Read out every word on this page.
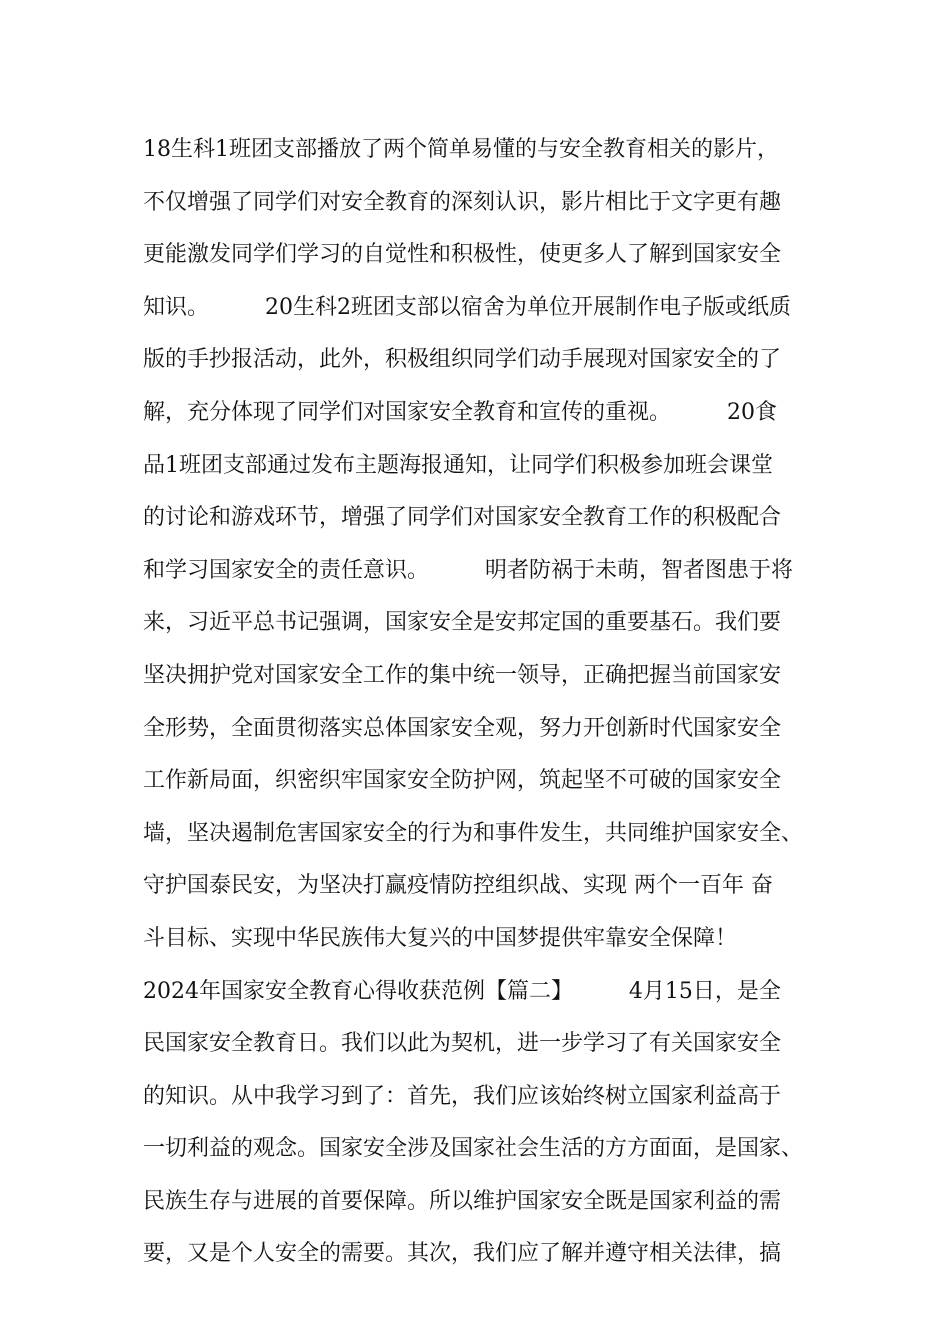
18生科1班团支部播放了两个简单易懂的与安全教育相关的影片，
不仅增强了同学们对安全教育的深刻认识，影片相比于文字更有趣
更能激发同学们学习的自觉性和积极性，使更多人了解到国家安全
知识。        20生科2班团支部以宿舍为单位开展制作电子版或纸质
版的手抄报活动，此外，积极组织同学们动手展现对国家安全的了
解，充分体现了同学们对国家安全教育和宣传的重视。        20食
品1班团支部通过发布主题海报通知，让同学们积极参加班会课堂
的讨论和游戏环节，增强了同学们对国家安全教育工作的积极配合
和学习国家安全的责任意识。        明者防祸于未萌，智者图患于将
来，习近平总书记强调，国家安全是安邦定国的重要基石。我们要
坚决拥护党对国家安全工作的集中统一领导，正确把握当前国家安
全形势，全面贯彻落实总体国家安全观，努力开创新时代国家安全
工作新局面，织密织牢国家安全防护网，筑起坚不可破的国家安全
墙，坚决遏制危害国家安全的行为和事件发生，共同维护国家安全、
守护国泰民安，为坚决打赢疫情防控组织战、实现 两个一百年 奋
斗目标、实现中华民族伟大复兴的中国梦提供牢靠安全保障！
2024年国家安全教育心得收获范例【篇二】        4月15日，是全
民国家安全教育日。我们以此为契机，进一步学习了有关国家安全
的知识。从中我学习到了：首先，我们应该始终树立国家利益高于
一切利益的观念。国家安全涉及国家社会生活的方方面面，是国家、
民族生存与进展的首要保障。所以维护国家安全既是国家利益的需
要，又是个人安全的需要。其次，我们应了解并遵守相关法律，搞
